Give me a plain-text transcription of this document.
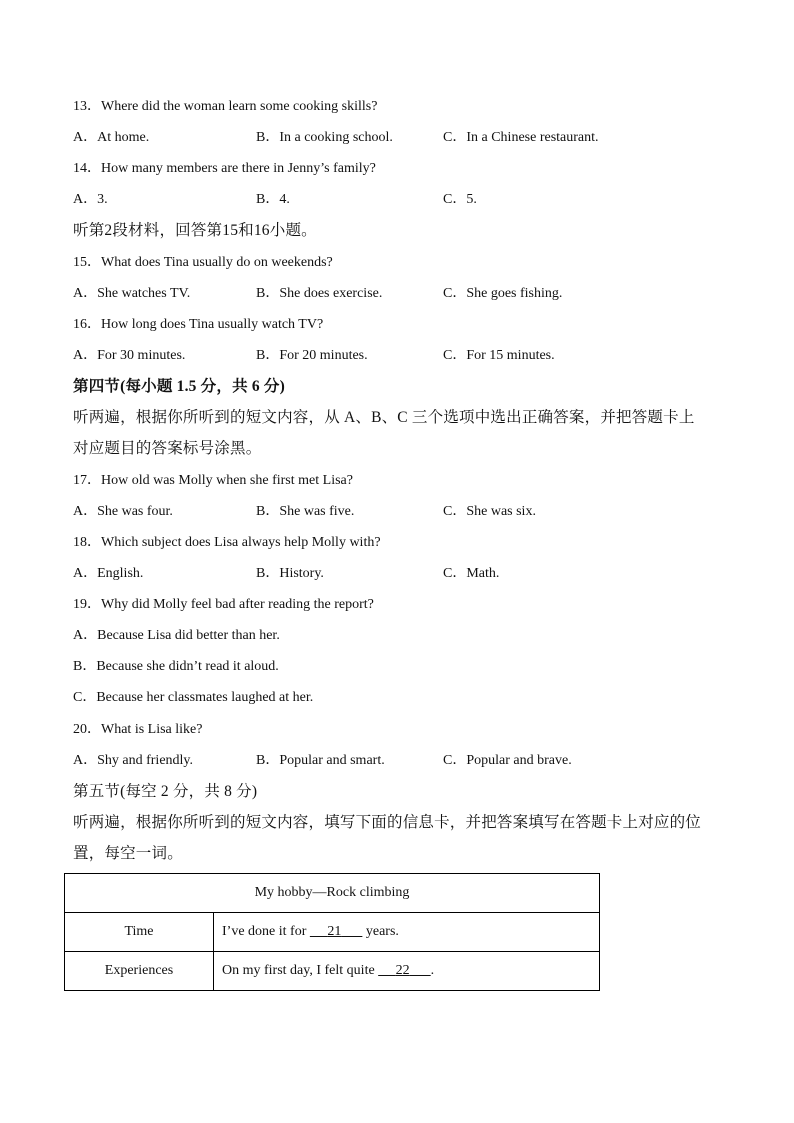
13．Where did the woman learn some cooking skills?
A．At home.	B．In a cooking school.	C．In a Chinese restaurant.
14．How many members are there in Jenny’s family?
A．3.	B．4.	C．5.
听第2段材料，回答第15和16小题。
15．What does Tina usually do on weekends?
A．She watches TV.	B．She does exercise.	C．She goes fishing.
16．How long does Tina usually watch TV?
A．For 30 minutes.	B．For 20 minutes.	C．For 15 minutes.
第四节(每小题 1.5 分，共 6 分)
听两遍，根据你所听到的短文内容，从 A、B、C 三个选项中选出正确答案，并把答题卡上
对应题目的答案标号涂黑。
17．How old was Molly when she first met Lisa?
A．She was four.	B．She was five.	C．She was six.
18．Which subject does Lisa always help Molly with?
A．English.	B．History.	C．Math.
19．Why did Molly feel bad after reading the report?
A．Because Lisa did better than her.
B．Because she didn’t read it aloud.
C．Because her classmates laughed at her.
20．What is Lisa like?
A．Shy and friendly.	B．Popular and smart.	C．Popular and brave.
第五节(每空 2 分，共 8 分)
听两遍，根据你所听到的短文内容，填写下面的信息卡，并把答案填写在答题卡上对应的位
置，每空一词。
My hobby—Rock climbing	
Time	I’ve done it for      21       years.
Experiences	On my first day, I felt quite      22 .
